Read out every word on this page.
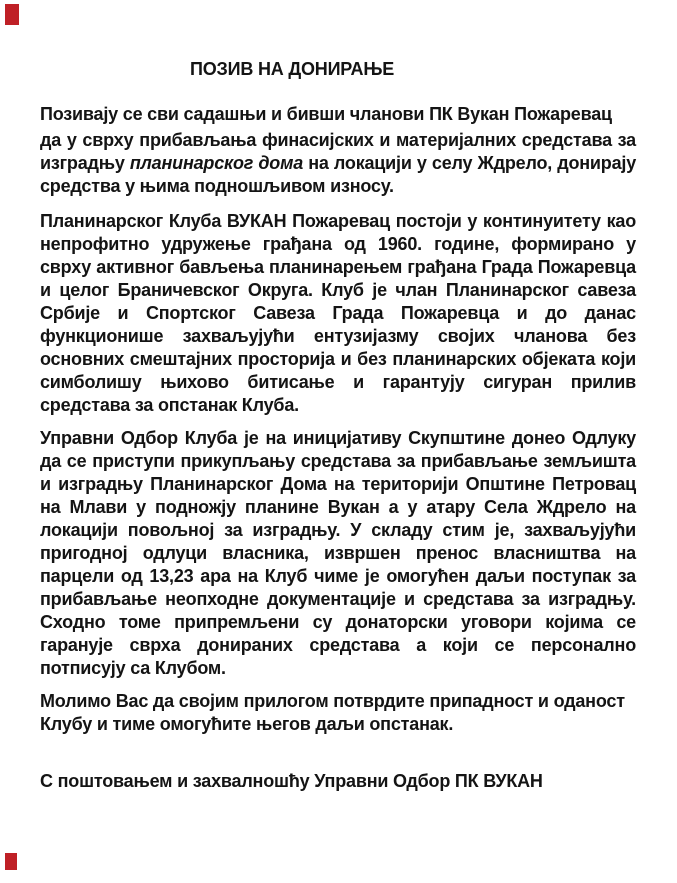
ПОЗИВ НА ДОНИРАЊЕ

Позивају се сви садашњи и бивши чланови ПК Вукан Пожаревац

да у сврху прибављања финасијских и материјалних средстава за изградњу планинарског дома на локацији у селу Ждрело, донирају средства у њима подношљивом износу.

Планинарског Клуба ВУКАН Пожаревац постоји у континуитету као непрофитно удружење грађана од 1960. године, формирано у сврху активног бављења планинарењем грађана Града Пожаревца и целог Браничевског Округа. Клуб је члан Планинарског савеза Србије и Спортског Савеза Града Пожаревца и до данас функционише захваљујући ентузијазму својих чланова без основних смештајних просторија и без планинарских објеката који симболишу њихово битисање и гарантују сигуран прилив средстава за опстанак Клуба.

Управни Одбор Клуба је на иницијативу Скупштине донео Одлуку да се приступи прикупљању средстава за прибављање земљишта и изградњу Планинарског Дома на територији Општине Петровац на Млави у подножју планине Вукан а у атару Села Ждрело на локацији повољној за изградњу. У складу стим је, захваљујући пригодној одлуци власника, извршен пренос власништва на парцели од 13,23 ара на Клуб чиме је омогућен даљи поступак за прибављање неопходне документације и средстава за изградњу. Сходно томе припремљени су донаторски уговори којима се гаранује сврха донираних средстава а који се персонално потписују са Клубом.

Молимо Вас да својим прилогом потврдите припадност и оданост Клубу и тиме омогућите његов даљи опстанак.

С поштовањем и захвалношћу Управни Одбор ПК ВУКАН
